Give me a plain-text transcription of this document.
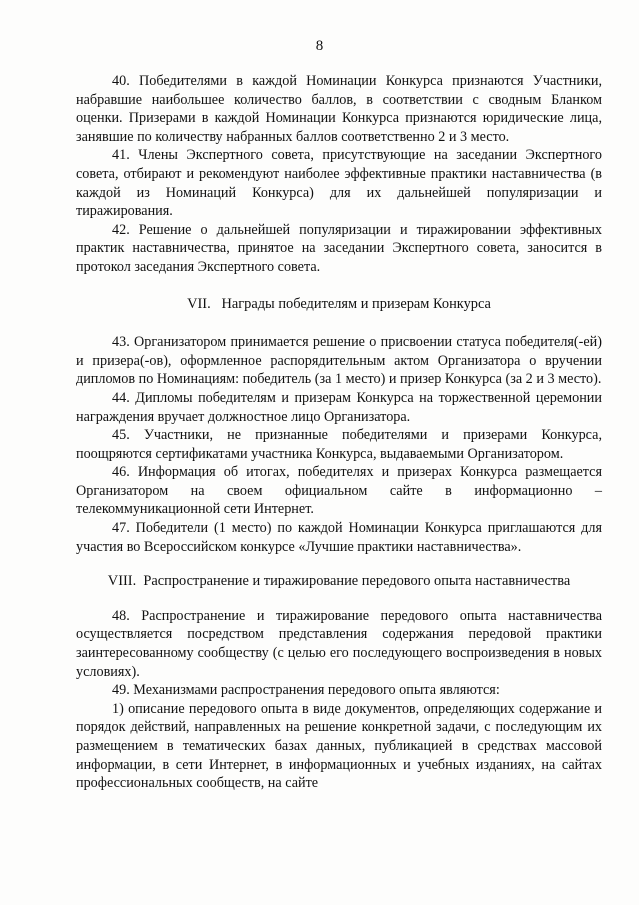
8

40. Победителями в каждой Номинации Конкурса признаются Участники, набравшие наибольшее количество баллов, в соответствии с сводным Бланком оценки. Призерами в каждой Номинации Конкурса признаются юридические лица, занявшие по количеству набранных баллов соответственно 2 и 3 место.

41. Члены Экспертного совета, присутствующие на заседании Экспертного совета, отбирают и рекомендуют наиболее эффективные практики наставничества (в каждой из Номинаций Конкурса) для их дальнейшей популяризации и тиражирования.

42. Решение о дальнейшей популяризации и тиражировании эффективных практик наставничества, принятое на заседании Экспертного совета, заносится в протокол заседания Экспертного совета.

VII.   Награды победителям и призерам Конкурса

43. Организатором принимается решение о присвоении статуса победителя(-ей) и призера(-ов), оформленное распорядительным актом Организатора о вручении дипломов по Номинациям: победитель (за 1 место) и призер Конкурса (за 2 и 3 место).

44. Дипломы победителям и призерам Конкурса на торжественной церемонии награждения вручает должностное лицо Организатора.

45. Участники, не признанные победителями и призерами Конкурса, поощряются сертификатами участника Конкурса, выдаваемыми Организатором.

46. Информация об итогах, победителях и призерах Конкурса размещается Организатором на своем официальном сайте в информационно – телекоммуникационной сети Интернет.

47. Победители (1 место) по каждой Номинации Конкурса приглашаются для участия во Всероссийском конкурсе «Лучшие практики наставничества».

VIII.  Распространение и тиражирование передового опыта наставничества

48. Распространение и тиражирование передового опыта наставничества осуществляется посредством представления содержания передовой практики заинтересованному сообществу (с целью его последующего воспроизведения в новых условиях).

49. Механизмами распространения передового опыта являются:

1) описание передового опыта в виде документов, определяющих содержание и порядок действий, направленных на решение конкретной задачи, с последующим их размещением в тематических базах данных, публикацией в средствах массовой информации, в сети Интернет, в информационных и учебных изданиях, на сайтах профессиональных сообществ, на сайте
